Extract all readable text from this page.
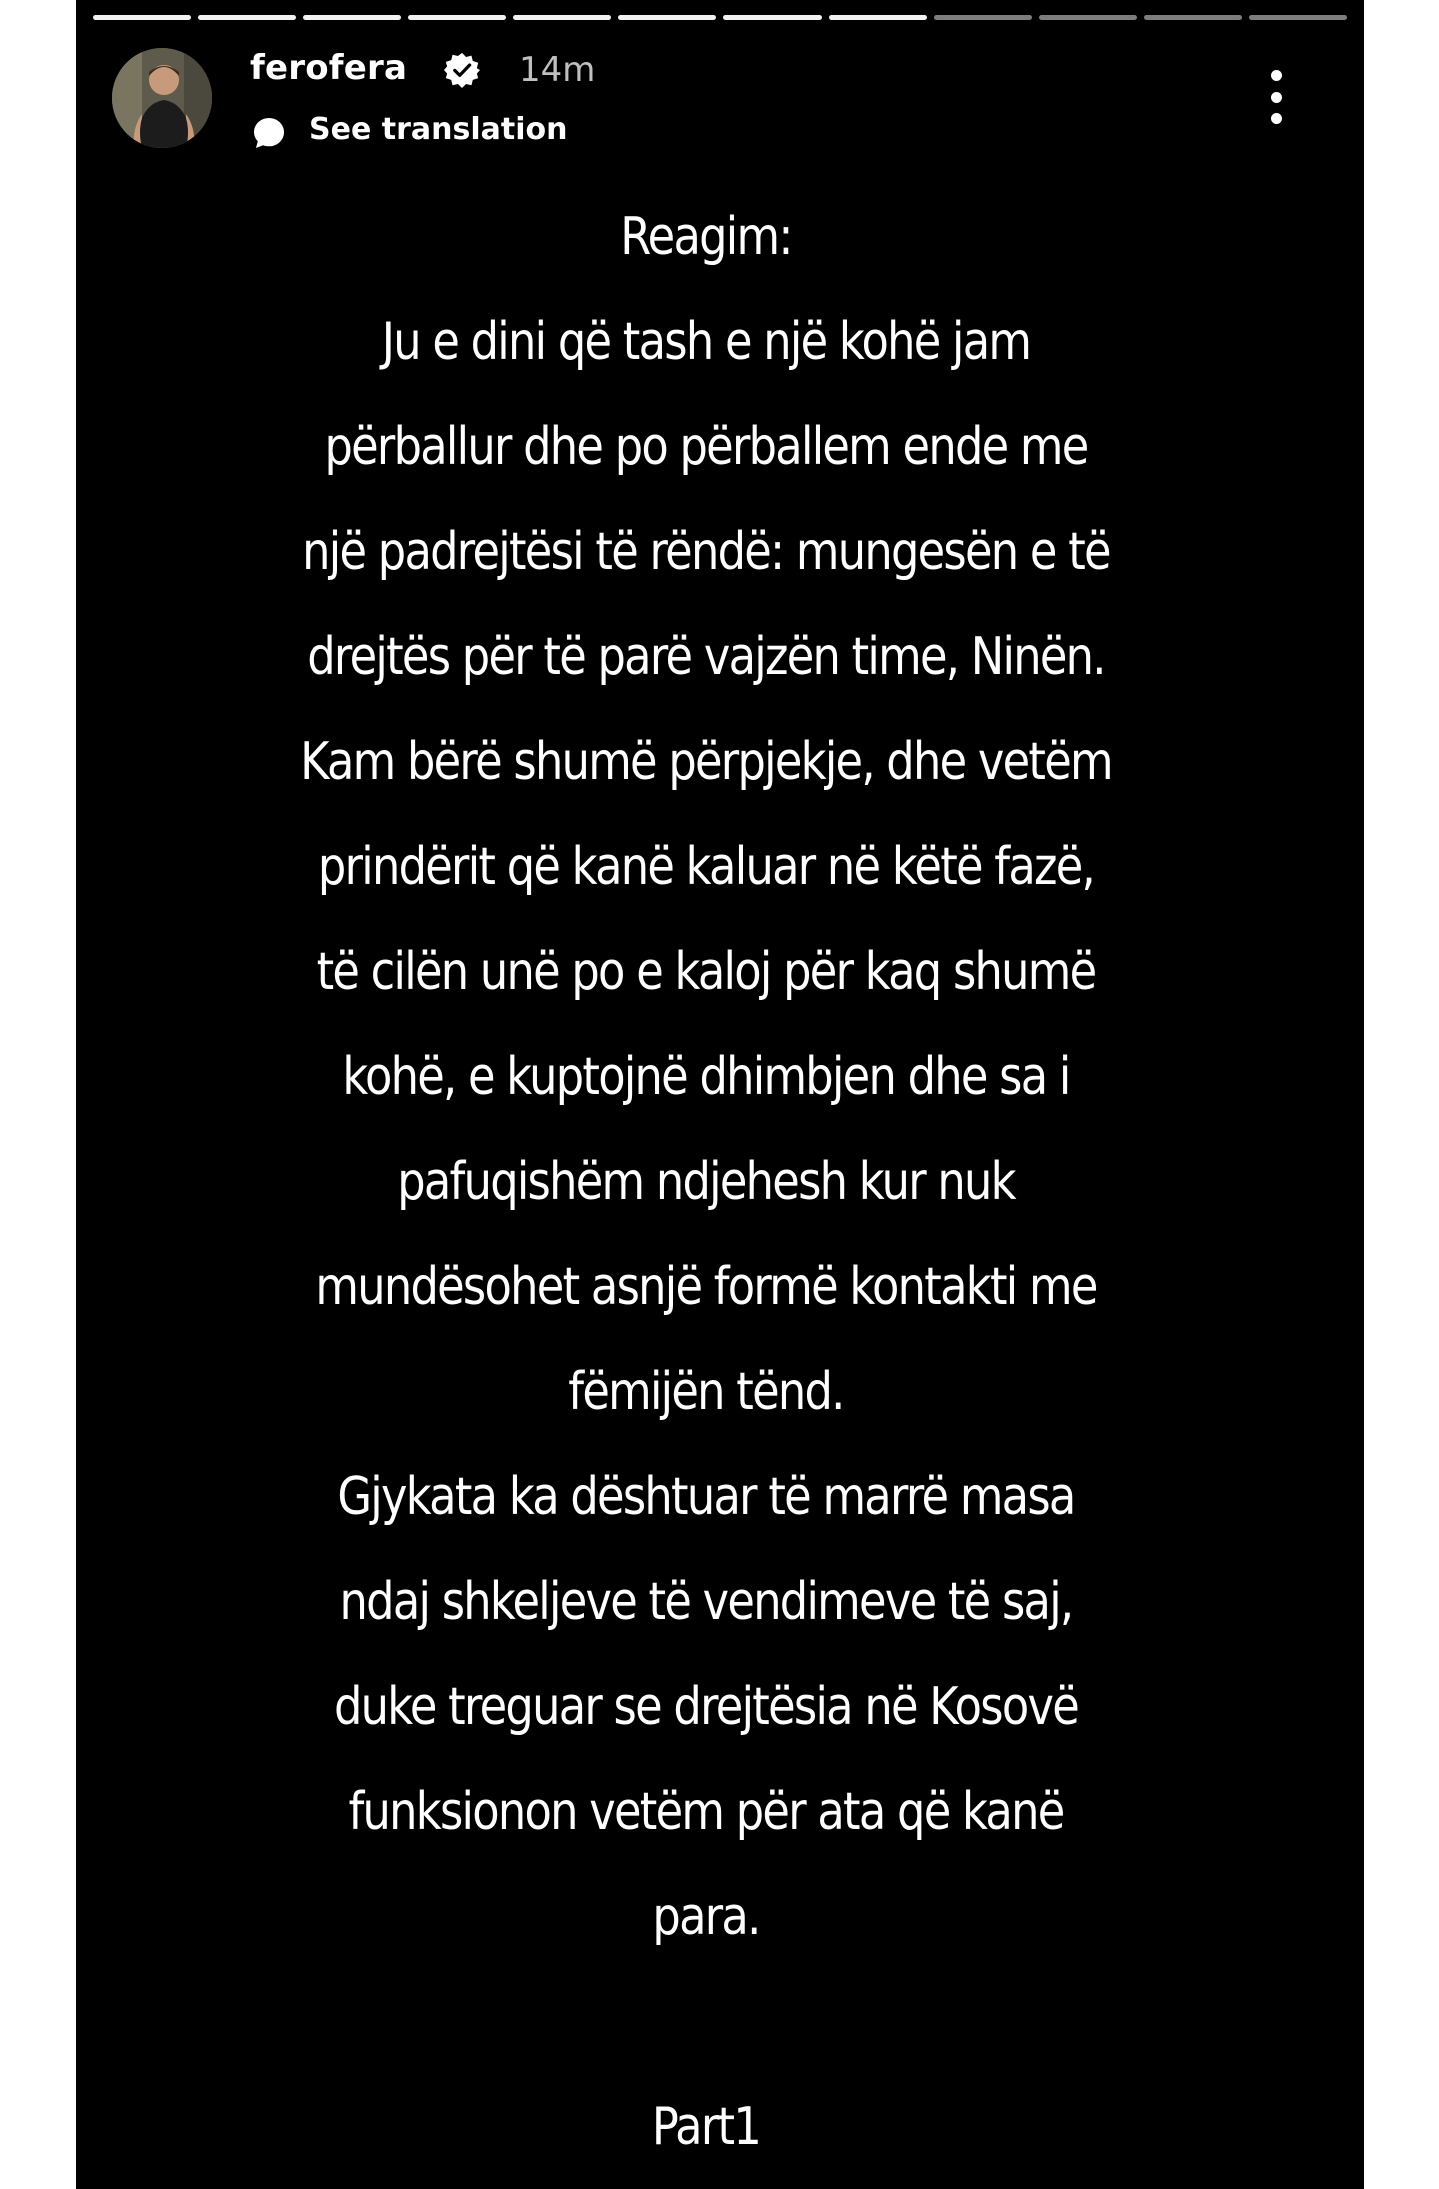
ferofera	14m
See translation
Reagim:
Ju e dini që tash e një kohë jam
përballur dhe po përballem ende me
një padrejtësi të rëndë: mungesën e të
drejtës për të parë vajzën time, Ninën.
Kam bërë shumë përpjekje, dhe vetëm
prindërit që kanë kaluar në këtë fazë,
të cilën unë po e kaloj për kaq shumë
kohë, e kuptojnë dhimbjen dhe sa i
pafuqishëm ndjehesh kur nuk
mundësohet asnjë formë kontakti me
fëmijën tënd.
Gjykata ka dështuar të marrë masa
ndaj shkeljeve të vendimeve të saj,
duke treguar se drejtësia në Kosovë
funksionon vetëm për ata që kanë
para.
Part1
